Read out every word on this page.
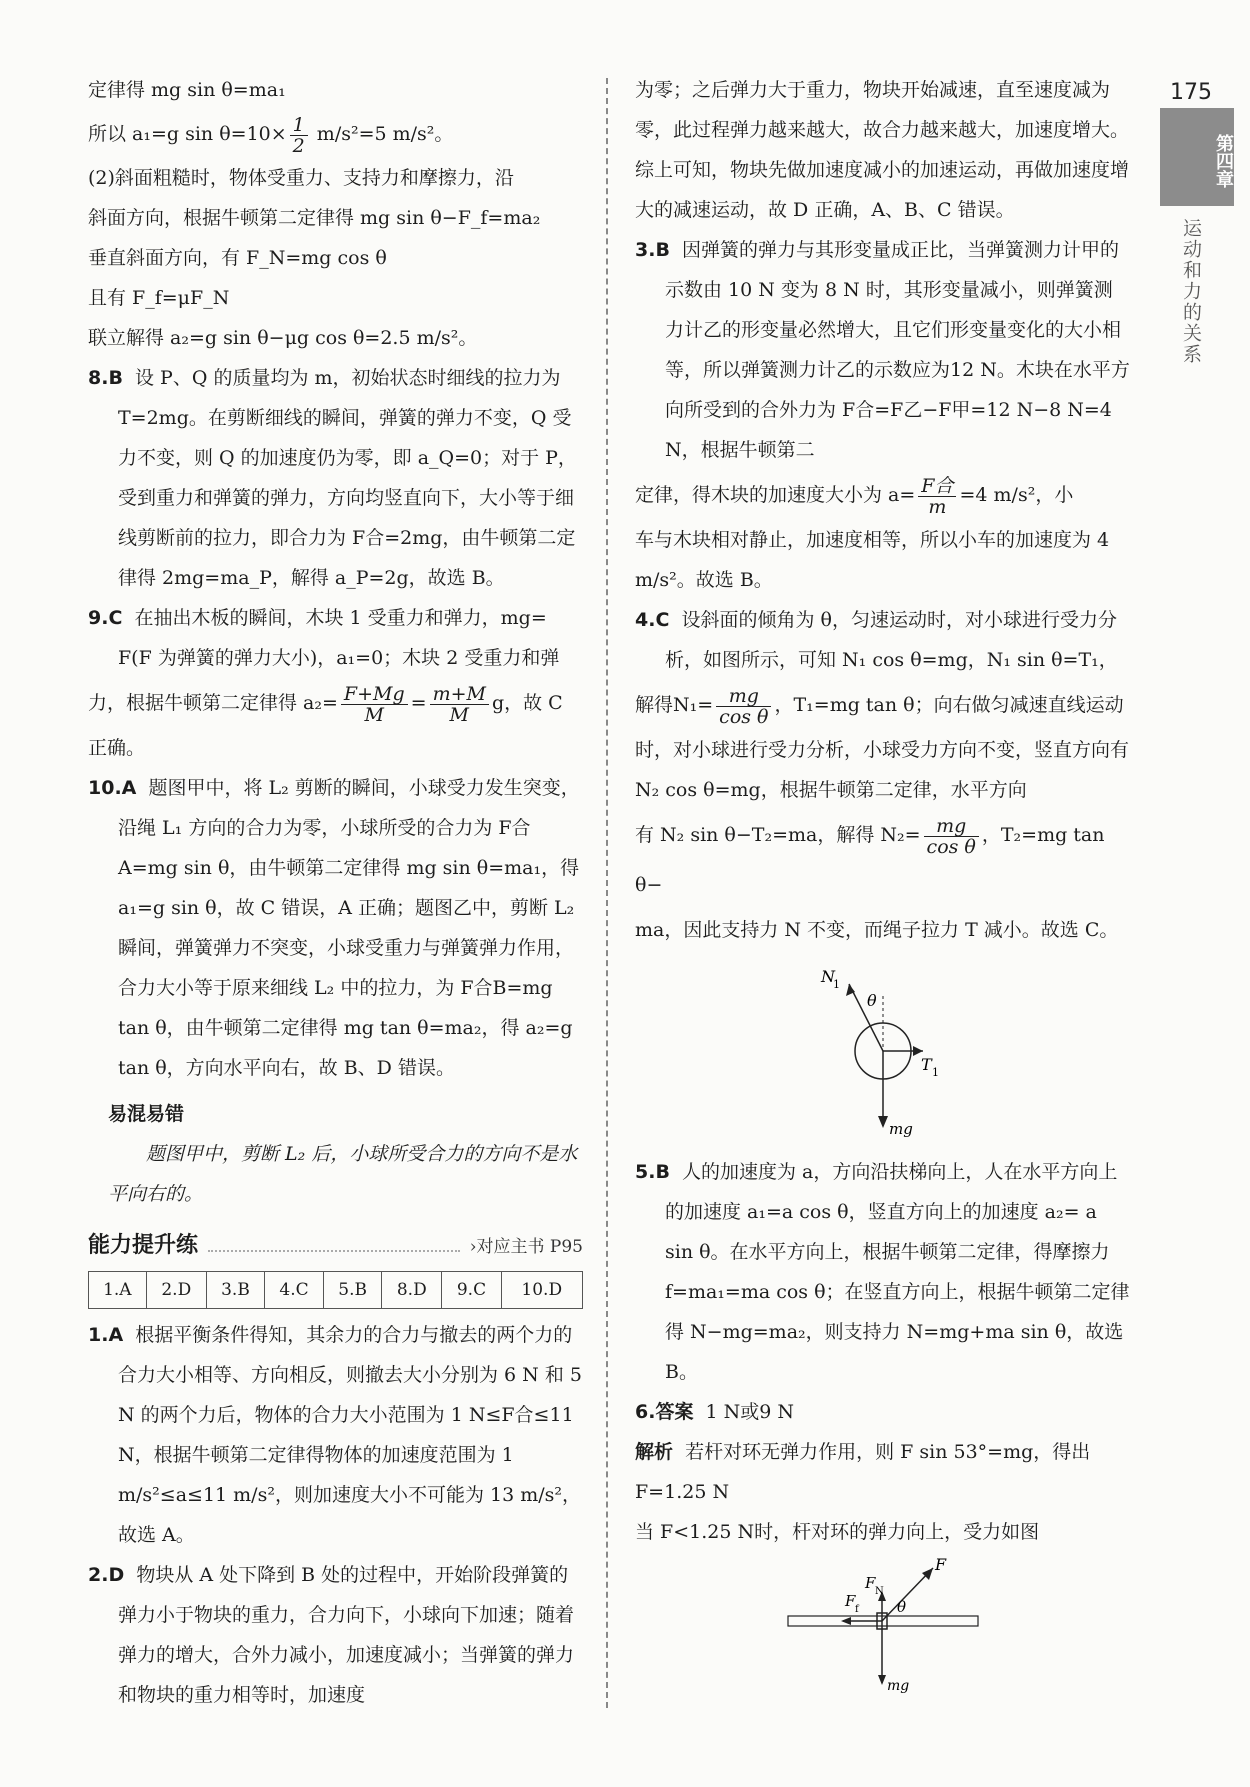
175
第四章
运动和力的关系

定律得 mg sin θ=ma₁

所以 a₁=g $\sin \theta=10\times \frac{1}{2} m/s^2=5$ m/s²。

(2)斜面粗糙时，物体受重力、支持力和摩擦力，沿

斜面方向，根据牛顿第二定律得 mg sin θ−F_f=ma₂

垂直斜面方向，有 F_N=mg cos θ

且有 F_f=μF_N

联立解得 a₂=g sin θ−μg cos θ=2.5 m/s²。

8.B 设 P、Q 的质量均为 m，初始状态时细线的拉力为 T=2mg。在剪断细线的瞬间，弹簧的弹力不变，Q 受力不变，则 Q 的加速度仍为零，即 a_Q=0；对于 P，受到重力和弹簧的弹力，方向均竖直向下，大小等于细线剪断前的拉力，即合力为 F合=2mg，由牛顿第二定律得 2mg=ma_P，解得 a_P=2g，故选 B。

9.C 在抽出木板的瞬间，木块 1 受重力和弹力，mg= F(F 为弹簧的弹力大小)，a₁=0；木块 2 受重力和弹

力，根据牛顿第二定律得 $a_2= \frac{F+Mg}{M} = \frac{m+M}{M}$ g，故 C

正确。

10.A 题图甲中，将 L₂ 剪断的瞬间，小球受力发生突变，沿绳 L₁ 方向的合力为零，小球所受的合力为 F合A=mg sin θ，由牛顿第二定律得 mg sin θ=ma₁，得 a₁=g sin θ，故 C 错误，A 正确；题图乙中，剪断 L₂ 瞬间，弹簧弹力不突变，小球受重力与弹簧弹力作用，合力大小等于原来细线 L₂ 中的拉力，为 F合B=mg tan θ，由牛顿第二定律得 mg tan θ=ma₂，得 a₂=g tan θ，方向水平向右，故 B、D 错误。

易混易错

题图甲中，剪断 L₂ 后，小球所受合力的方向不是水平向右的。

能力提升练	›对应主书 P95
1.A	2.D	3.B	4.C	5.B	8.D	9.C	10.D

1.A 根据平衡条件得知，其余力的合力与撤去的两个力的合力大小相等、方向相反，则撤去大小分别为 6 N 和 5 N 的两个力后，物体的合力大小范围为 1 N≤F合≤11 N，根据牛顿第二定律得物体的加速度范围为 1 m/s²≤a≤11 m/s²，则加速度大小不可能为 13 m/s²，故选 A。

2.D 物块从 A 处下降到 B 处的过程中，开始阶段弹簧的弹力小于物块的重力，合力向下，小球向下加速；随着弹力的增大，合外力减小，加速度减小；当弹簧的弹力和物块的重力相等时，加速度

为零；之后弹力大于重力，物块开始减速，直至速度减为零，此过程弹力越来越大，故合力越来越大，加速度增大。综上可知，物块先做加速度减小的加速运动，再做加速度增大的减速运动，故 D 正确，A、B、C 错误。

3.B 因弹簧的弹力与其形变量成正比，当弹簧测力计甲的示数由 10 N 变为 8 N 时，其形变量减小，则弹簧测力计乙的形变量必然增大，且它们形变量变化的大小相等，所以弹簧测力计乙的示数应为12 N。木块在水平方向所受到的合外力为 F合=F乙−F甲=12 N−8 N=4 N，根据牛顿第二

定律，得木块的加速度大小为 $a= \frac{\text{F合}}{m} =4$ m/s²，小

车与木块相对静止，加速度相等，所以小车的加速度为 4 m/s²。故选 B。

4.C 设斜面的倾角为 θ，匀速运动时，对小球进行受力分析，如图所示，可知 N₁ cos θ=mg，N₁ sin θ=T₁，

解得$N_1= \frac{mg}{\text{cos θ}}$ ，T₁=mg tan θ；向右做匀减速直线运动

时，对小球进行受力分析，小球受力方向不变，竖直方向有 N₂ cos θ=mg，根据牛顿第二定律，水平方向

有 N₂ sin θ−T₂=ma，解得 $N_2= \frac{mg}{\text{cos θ}}$ ，T₂=mg tan θ−

ma，因此支持力 N 不变，而绳子拉力 T 减小。故选 C。

N
1
θ
T 1
mg

5.B 人的加速度为 a，方向沿扶梯向上，人在水平方向上的加速度 a₁=a cos θ，竖直方向上的加速度 a₂= a sin θ。在水平方向上，根据牛顿第二定律，得摩擦力 f=ma₁=ma cos θ；在竖直方向上，根据牛顿第二定律得 N−mg=ma₂，则支持力 N=mg+ma sin θ，故选 B。

6.答案 1 N或9 N

解析 若杆对环无弹力作用，则 F sin 53°=mg，得出

F=1.25 N

当 F<1.25 N时，杆对环的弹力向上，受力如图

F
F N
F f	θ
mg
